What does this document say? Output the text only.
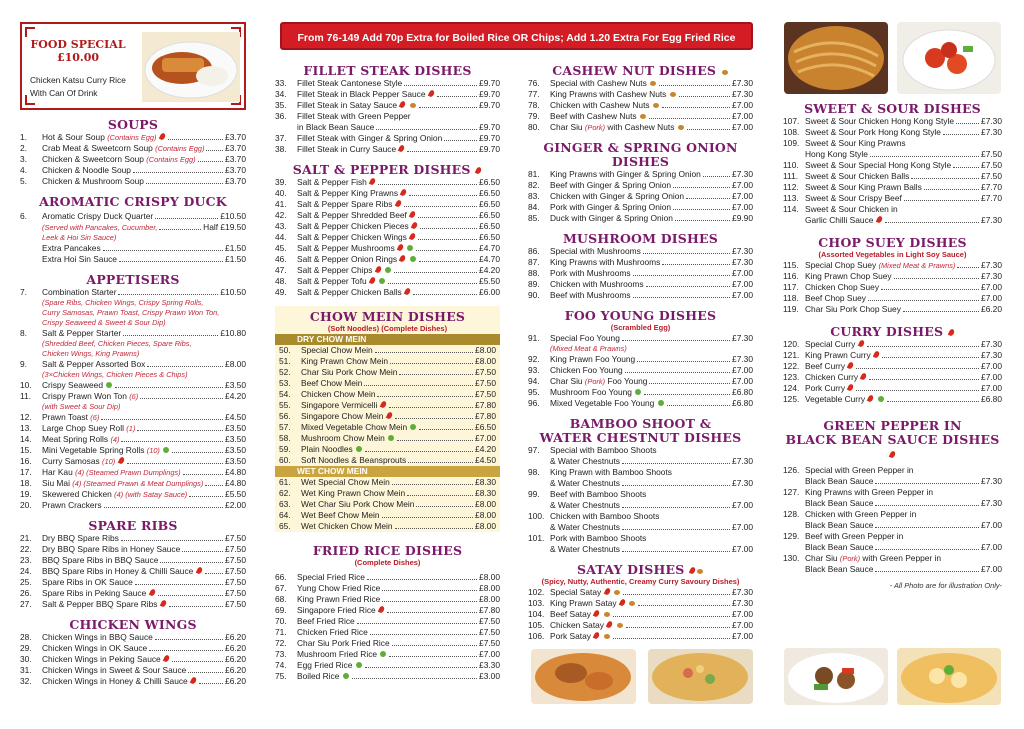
From 76-149 Add 70p Extra for Boiled Rice OR Chips; Add 1.20 Extra For Egg Fried Rice
FOOD SPECIAL
£10.00
Chicken Katsu Curry Rice
With Can Of Drink
SOUPS
1.	Hot & Sour Soup (Contains Egg)	£3.70
2.	Crab Meat & Sweetcorn Soup (Contains Egg) £3.70
3.	Chicken & Sweetcorn Soup (Contains Egg)	£3.70
4.	Chicken & Noodle Soup	£3.70
5.	Chicken & Mushroom Soup	£3.70
AROMATIC CRISPY DUCK
6.	Aromatic Crispy Duck Quarter	£10.50
(Served with Pancakes, Cucumber,	Half £19.50
Leek & Hoi Sin Sauce)
Extra Pancakes	£1.50
Extra Hoi Sin Sauce	£1.50
APPETISERS
7.	Combination Starter	£10.50
(Spare Ribs, Chicken Wings, Crispy Spring Rolls,
Curry Samosas, Prawn Toast, Crispy Prawn Won Ton,
Crispy Seaweed & Sweet & Sour Dip)
8.	Salt & Pepper Starter	£10.80
(Shredded Beef, Chicken Pieces, Spare Ribs,
Chicken Wings, King Prawns)
9.	Salt & Pepper Assorted Box	£8.00
(3×Chicken Wings, Chicken Pieces & Chips)
10.	Crispy Seaweed	£3.50
11.	Crispy Prawn Won Ton (6)	£4.20
(with Sweet & Sour Dip)
12.	Prawn Toast (6)	£4.50
13.	Large Chop Suey Roll (1)	£3.50
14.	Meat Spring Rolls (4)	£3.50
15.	Mini Vegetable Spring Rolls (10)	£3.50
16.	Curry Samosas (10)	£3.50
17.	Har Kau (4) (Steamed Prawn Dumplings)	£4.80
18.	Siu Mai (4) (Steamed Prawn & Meat Dumplings)	£4.80
19.	Skewered Chicken (4) (with Satay Sauce)	£5.50
20.	Prawn Crackers	£2.00
SPARE RIBS
21.	Dry BBQ Spare Ribs	£7.50
22.	Dry BBQ Spare Ribs in Honey Sauce	£7.50
23.	BBQ Spare Ribs in BBQ Sauce	£7.50
24.	BBQ Spare Ribs in Honey & Chilli Sauce	£7.50
25.	Spare Ribs in OK Sauce	£7.50
26.	Spare Ribs in Peking Sauce	£7.50
27.	Salt & Pepper BBQ Spare Ribs	£7.50
CHICKEN WINGS
28.	Chicken Wings in BBQ Sauce	£6.20
29.	Chicken Wings in OK Sauce	£6.20
30.	Chicken Wings in Peking Sauce	£6.20
31.	Chicken Wings in Sweet & Sour Sauce	£6.20
32.	Chicken Wings in Honey & Chilli Sauce	£6.20
FILLET STEAK DISHES
33.	Fillet Steak Cantonese Style	£9.70
34.	Fillet Steak in Black Pepper Sauce	£9.70
35.	Fillet Steak in Satay Sauce	£9.70
36.	Fillet Steak with Green Pepper
in Black Bean Sauce	£9.70
37.	Fillet Steak with Ginger & Spring Onion	£9.70
38.	Fillet Steak in Curry Sauce	£9.70
SALT & PEPPER DISHES
39.	Salt & Pepper Fish	£6.50
40.	Salt & Pepper King Prawns	£6.50
41.	Salt & Pepper Spare Ribs	£6.50
42.	Salt & Pepper Shredded Beef	£6.50
43.	Salt & Pepper Chicken Pieces	£6.50
44.	Salt & Pepper Chicken Wings	£6.50
45.	Salt & Pepper Mushrooms	£4.70
46.	Salt & Pepper Onion Rings	£4.70
47.	Salt & Pepper Chips	£4.20
48.	Salt & Pepper Tofu	£5.50
49.	Salt & Pepper Chicken Balls	£6.00
CHOW MEIN DISHES
(Soft Noodles) (Complete Dishes)
DRY CHOW MEIN
50.	Special Chow Mein	£8.00
51.	King Prawn Chow Mein	£8.00
52.	Char Siu Pork Chow Mein	£7.50
53.	Beef Chow Mein	£7.50
54.	Chicken Chow Mein	£7.50
55.	Singapore Vermicelli	£7.80
56.	Singapore Chow Mein	£7.80
57.	Mixed Vegetable Chow Mein	£6.50
58.	Mushroom Chow Mein	£7.00
59.	Plain Noodles	£4.20
60.	Soft Noodles & Beansprouts	£4.50
WET CHOW MEIN
61.	Wet Special Chow Mein	£8.30
62.	Wet King Prawn Chow Mein	£8.30
63.	Wet Char Siu Pork Chow Mein	£8.00
64.	Wet Beef Chow Mein	£8.00
65.	Wet Chicken Chow Mein	£8.00
FRIED RICE DISHES
(Complete Dishes)
66.	Special Fried Rice	£8.00
67.	Yung Chow Fried Rice	£8.00
68.	King Prawn Fried Rice	£8.00
69.	Singapore Fried Rice	£7.80
70.	Beef Fried Rice	£7.50
71.	Chicken Fried Rice	£7.50
72.	Char Siu Pork Fried Rice	£7.50
73.	Mushroom Fried Rice	£7.00
74.	Egg Fried Rice	£3.30
75.	Boiled Rice	£3.00
CASHEW NUT DISHES
76.	Special with Cashew Nuts	£7.30
77.	King Prawns with Cashew Nuts	£7.30
78.	Chicken with Cashew Nuts	£7.00
79.	Beef with Cashew Nuts	£7.00
80.	Char Siu (Pork) with Cashew Nuts	£7.00
GINGER & SPRING ONION DISHES
81.	King Prawns with Ginger & Spring Onion	£7.30
82.	Beef with Ginger & Spring Onion	£7.00
83.	Chicken with Ginger & Spring Onion	£7.00
84.	Pork with Ginger & Spring Onion	£7.00
85.	Duck with Ginger & Spring Onion	£9.90
MUSHROOM DISHES
86.	Special with Mushrooms	£7.30
87.	King Prawns with Mushrooms	£7.30
88.	Pork with Mushrooms	£7.00
89.	Chicken with Mushrooms	£7.00
90.	Beef with Mushrooms	£7.00
FOO YOUNG DISHES
(Scrambled Egg)
91.	Special Foo Young	£7.30
(Mixed Meat & Prawns)
92.	King Prawn Foo Young	£7.30
93.	Chicken Foo Young	£7.00
94.	Char Siu (Pork) Foo Young	£7.00
95.	Mushroom Foo Young	£6.80
96.	Mixed Vegetable Foo Young	£6.80
BAMBOO SHOOT &
WATER CHESTNUT DISHES
97.	Special with Bamboo Shoots
& Water Chestnuts	£7.30
98.	King Prawn with Bamboo Shoots
& Water Chestnuts	£7.30
99.	Beef with Bamboo Shoots
& Water Chestnuts	£7.00
100. Chicken with Bamboo Shoots
& Water Chestnuts	£7.00
101. Pork with Bamboo Shoots
& Water Chestnuts	£7.00
SATAY DISHES
(Spicy, Nutty, Authentic, Creamy Curry Savoury Dishes)
102. Special Satay	£7.30
103. King Prawn Satay	£7.30
104. Beef Satay	£7.00
105. Chicken Satay	£7.00
106. Pork Satay	£7.00
SWEET & SOUR DISHES
107. Sweet & Sour Chicken Hong Kong Style	£7.30
108. Sweet & Sour Pork Hong Kong Style	£7.30
109. Sweet & Sour King Prawns
Hong Kong Style	£7.50
110. Sweet & Sour Special Hong Kong Style	£7.50
111. Sweet & Sour Chicken Balls	£7.50
112. Sweet & Sour King Prawn Balls	£7.70
113. Sweet & Sour Crispy Beef	£7.70
114. Sweet & Sour Chicken in
Garlic Chilli Sauce	£7.30
CHOP SUEY DISHES
(Assorted Vegetables in Light Soy Sauce)
115. Special Chop Suey (Mixed Meat & Prawns)	£7.30
116. King Prawn Chop Suey	£7.30
117. Chicken Chop Suey	£7.00
118. Beef Chop Suey	£7.00
119. Char Siu Pork Chop Suey	£6.20
CURRY DISHES
120. Special Curry	£7.30
121. King Prawn Curry	£7.30
122. Beef Curry	£7.00
123. Chicken Curry	£7.00
124. Pork Curry	£7.00
125. Vegetable Curry	£6.80
GREEN PEPPER IN
BLACK BEAN SAUCE DISHES
126. Special with Green Pepper in
Black Bean Sauce	£7.30
127. King Prawns with Green Pepper in
Black Bean Sauce	£7.30
128. Chicken with Green Pepper in
Black Bean Sauce	£7.00
129. Beef with Green Pepper in
Black Bean Sauce	£7.00
130. Char Siu (Pork) with Green Pepper in
Black Bean Sauce	£7.00
- All Photo are for illustration Only-
